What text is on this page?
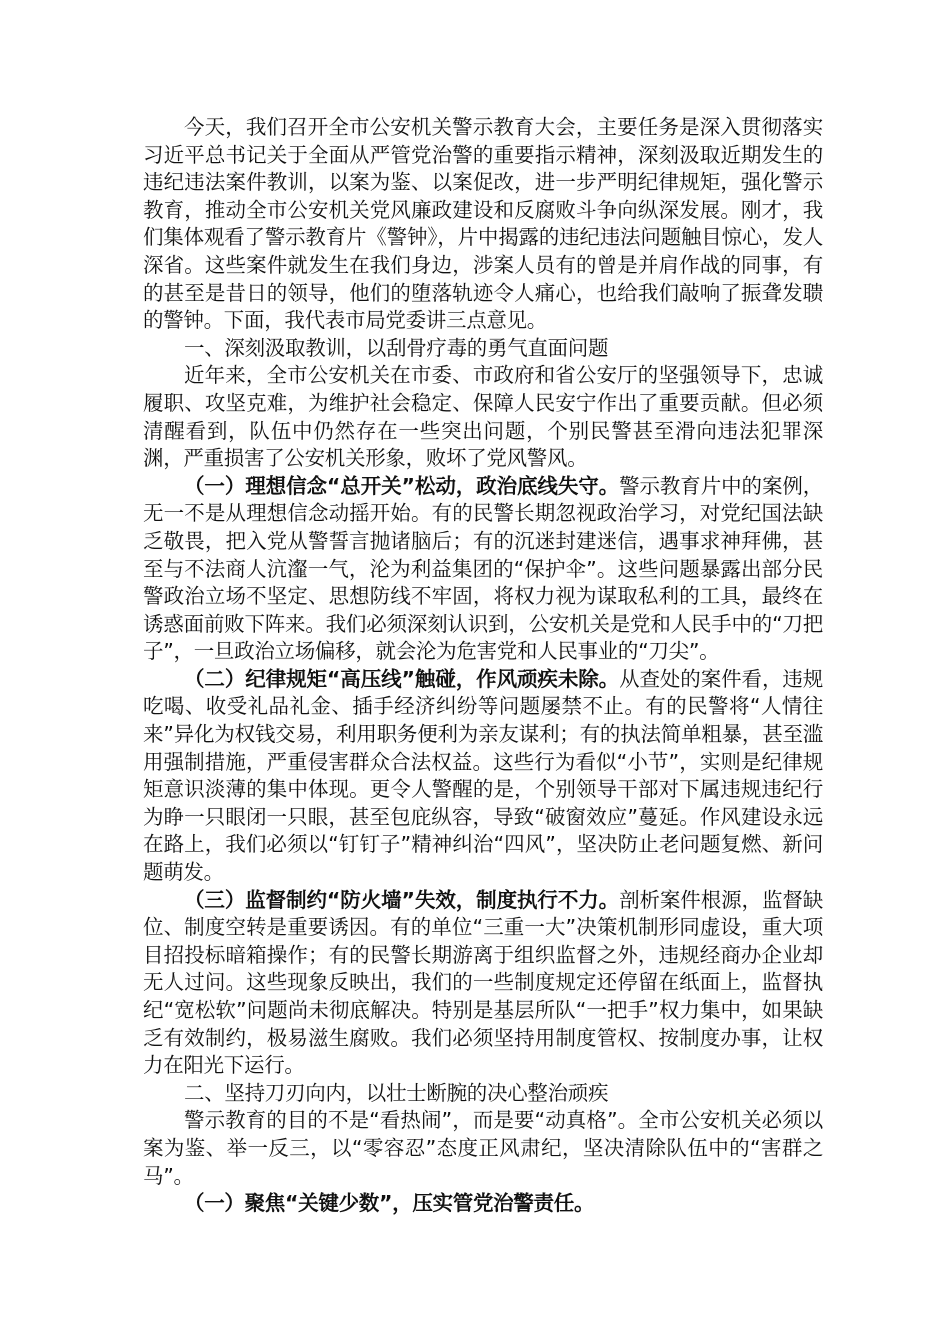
今天，我们召开全市公安机关警示教育大会，主要任务是深入贯彻落实习近平总书记关于全面从严管党治警的重要指示精神，深刻汲取近期发生的违纪违法案件教训，以案为鉴、以案促改，进一步严明纪律规矩，强化警示教育，推动全市公安机关党风廉政建设和反腐败斗争向纵深发展。刚才，我们集体观看了警示教育片《警钟》，片中揭露的违纪违法问题触目惊心，发人深省。这些案件就发生在我们身边，涉案人员有的曾是并肩作战的同事，有的甚至是昔日的领导，他们的堕落轨迹令人痛心，也给我们敲响了振聋发聩的警钟。下面，我代表市局党委讲三点意见。

一、深刻汲取教训，以刮骨疗毒的勇气直面问题

近年来，全市公安机关在市委、市政府和省公安厅的坚强领导下，忠诚履职、攻坚克难，为维护社会稳定、保障人民安宁作出了重要贡献。但必须清醒看到，队伍中仍然存在一些突出问题，个别民警甚至滑向违法犯罪深渊，严重损害了公安机关形象，败坏了党风警风。

（一）理想信念“总开关”松动，政治底线失守。警示教育片中的案例，无一不是从理想信念动摇开始。有的民警长期忽视政治学习，对党纪国法缺乏敬畏，把入党从警誓言抛诸脑后；有的沉迷封建迷信，遇事求神拜佛，甚至与不法商人沆瀣一气，沦为利益集团的“保护伞”。这些问题暴露出部分民警政治立场不坚定、思想防线不牢固，将权力视为谋取私利的工具，最终在诱惑面前败下阵来。我们必须深刻认识到，公安机关是党和人民手中的“刀把子”，一旦政治立场偏移，就会沦为危害党和人民事业的“刀尖”。

（二）纪律规矩“高压线”触碰，作风顽疾未除。从查处的案件看，违规吃喝、收受礼品礼金、插手经济纠纷等问题屡禁不止。有的民警将“人情往来”异化为权钱交易，利用职务便利为亲友谋利；有的执法简单粗暴，甚至滥用强制措施，严重侵害群众合法权益。这些行为看似“小节”，实则是纪律规矩意识淡薄的集中体现。更令人警醒的是，个别领导干部对下属违规违纪行为睁一只眼闭一只眼，甚至包庇纵容，导致“破窗效应”蔓延。作风建设永远在路上，我们必须以“钉钉子”精神纠治“四风”，坚决防止老问题复燃、新问题萌发。

（三）监督制约“防火墙”失效，制度执行不力。剖析案件根源，监督缺位、制度空转是重要诱因。有的单位“三重一大”决策机制形同虚设，重大项目招投标暗箱操作；有的民警长期游离于组织监督之外，违规经商办企业却无人过问。这些现象反映出，我们的一些制度规定还停留在纸面上，监督执纪“宽松软”问题尚未彻底解决。特别是基层所队“一把手”权力集中，如果缺乏有效制约，极易滋生腐败。我们必须坚持用制度管权、按制度办事，让权力在阳光下运行。

二、坚持刀刃向内，以壮士断腕的决心整治顽疾

警示教育的目的不是“看热闹”，而是要“动真格”。全市公安机关必须以案为鉴、举一反三，以“零容忍”态度正风肃纪，坚决清除队伍中的“害群之马”。

（一）聚焦“关键少数”，压实管党治警责任。
